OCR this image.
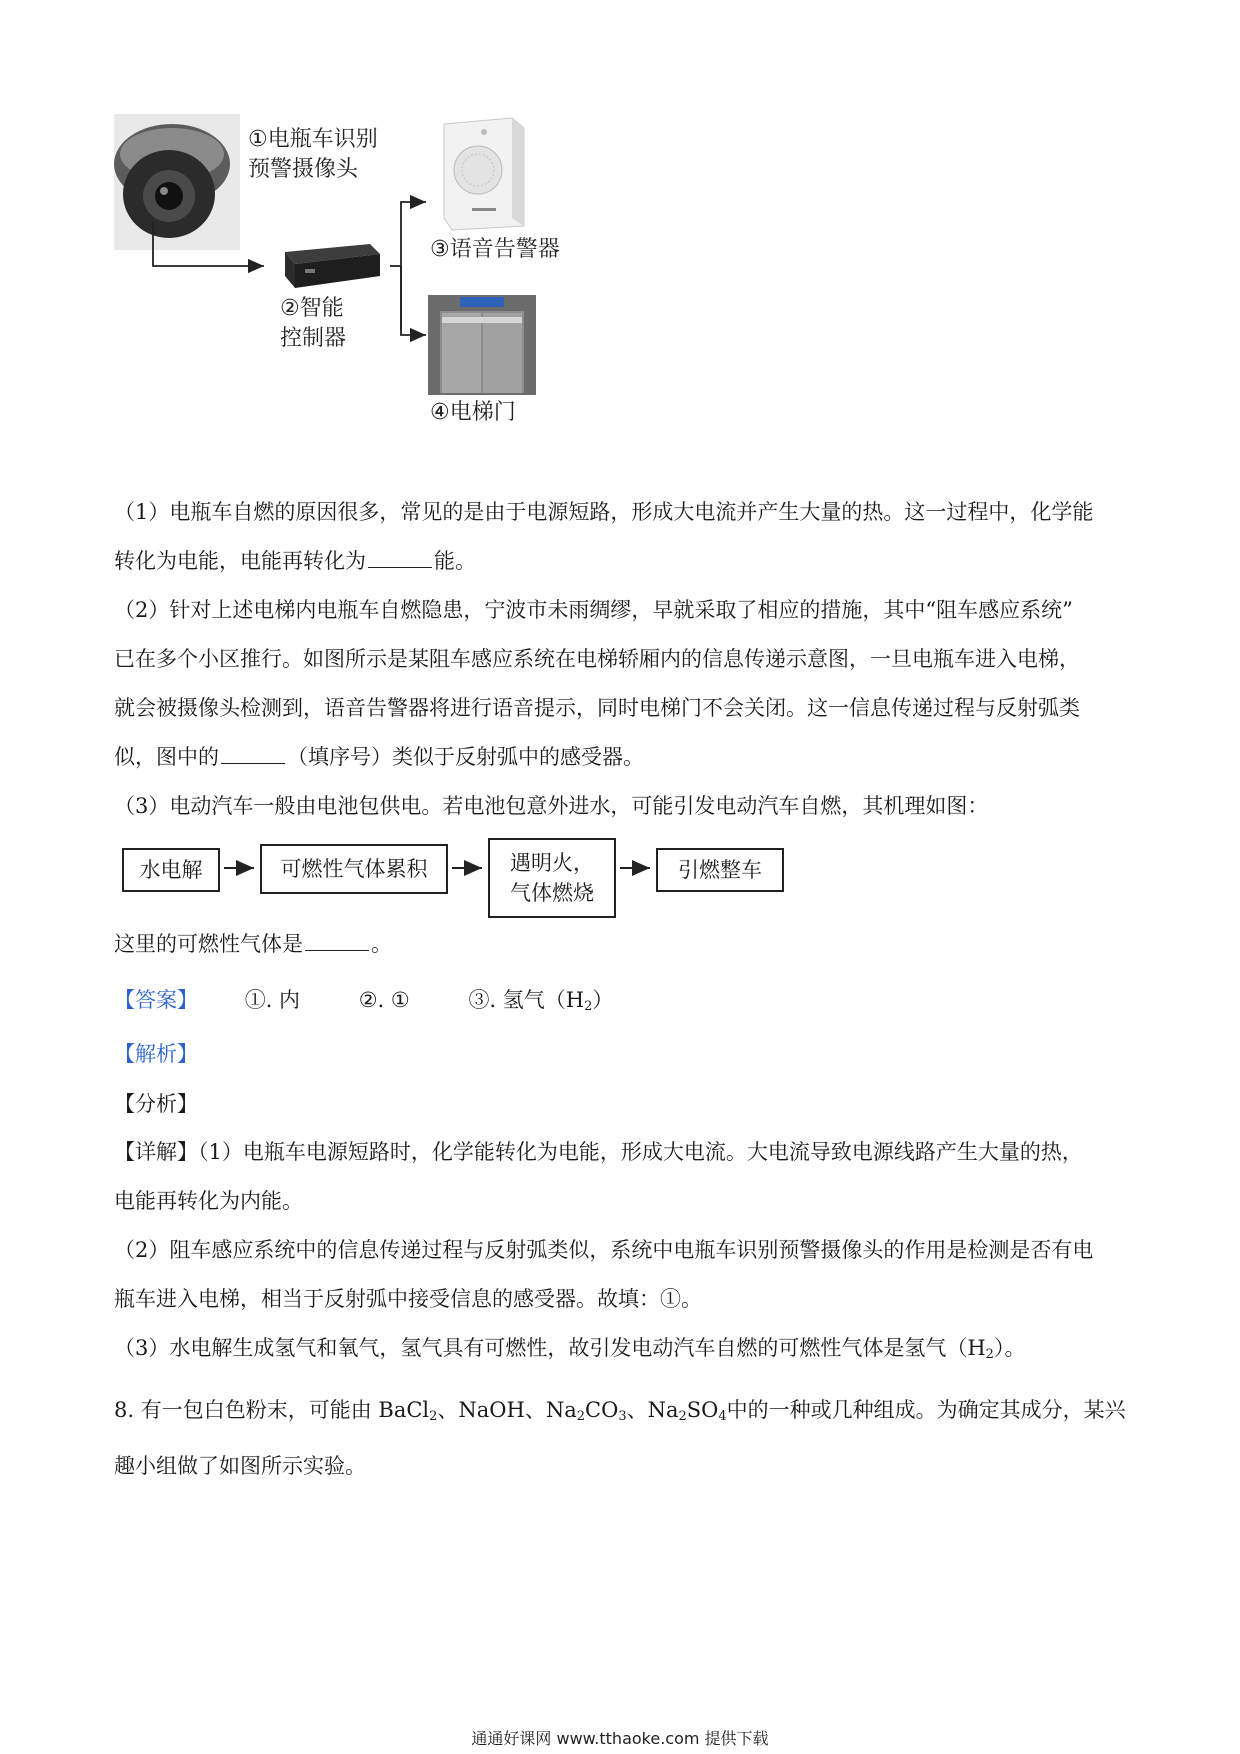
①电瓶车识别
预警摄像头
②智能
控制器
③语音告警器
④电梯门
（1）电瓶车自燃的原因很多，常见的是由于电源短路，形成大电流并产生大量的热。这一过程中，化学能
转化为电能，电能再转化为	能。
（2）针对上述电梯内电瓶车自燃隐患，宁波市未雨绸缪，早就采取了相应的措施，其中“阻车感应系统”
已在多个小区推行。如图所示是某阻车感应系统在电梯轿厢内的信息传递示意图，一旦电瓶车进入电梯，
就会被摄像头检测到，语音告警器将进行语音提示，同时电梯门不会关闭。这一信息传递过程与反射弧类
似，图中的	（填序号）类似于反射弧中的感受器。
（3）电动汽车一般由电池包供电。若电池包意外进水，可能引发电动汽车自燃，其机理如图：
水电解	可燃性气体累积	遇明火，
气体燃烧
引燃整车
这里的可燃性气体是	。
【答案】 ①. 内	②. ①	③. 氢气$(H_2)$
【解析】
【分析】
【详解】（1）电瓶车电源短路时，化学能转化为电能，形成大电流。大电流导致电源线路产生大量的热，
电能再转化为内能。
（2）阻车感应系统中的信息传递过程与反射弧类似，系统中电瓶车识别预警摄像头的作用是检测是否有电
瓶车进入电梯，相当于反射弧中接受信息的感受器。故填：①。
（3）水电解生成氢气和氧气，氢气具有可燃性，故引发电动汽车自燃的可燃性气体是氢气$(H_2)$。
8. 有一包白色粉末，可能由 BaCl$_2$、NaOH、$Na_2CO_3$、$Na_2SO_4$中的一种或几种组成。为确定其成分，某兴
趣小组做了如图所示实验。
通通好课网 www.tthaoke.com 提供下载
